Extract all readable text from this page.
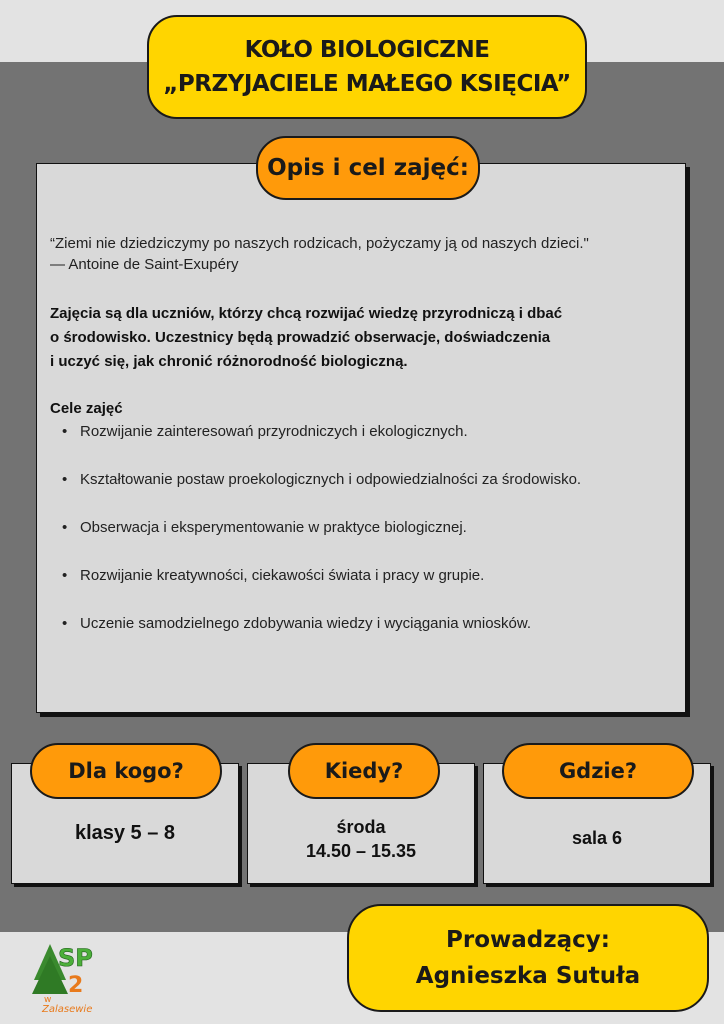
KOŁO BIOLOGICZNE
„PRZYJACIELE MAŁEGO KSIĘCIA”
Opis i cel zajęć:
“Ziemi nie dziedziczymy po naszych rodzicach, pożyczamy ją od naszych dzieci."
— Antoine de Saint-Exupéry
Zajęcia są dla uczniów, którzy chcą rozwijać wiedzę przyrodniczą i dbać
o środowisko. Uczestnicy będą prowadzić obserwacje, doświadczenia
i uczyć się, jak chronić różnorodność biologiczną.
Cele zajęć
• Rozwijanie zainteresowań przyrodniczych i ekologicznych.
• Kształtowanie postaw proekologicznych i odpowiedzialności za środowisko.
• Obserwacja i eksperymentowanie w praktyce biologicznej.
• Rozwijanie kreatywności, ciekawości świata i pracy w grupie.
• Uczenie samodzielnego zdobywania wiedzy i wyciągania wniosków.
klasy 5 – 8	środa
14.50 – 15.35
sala 6
Dla kogo?	Kiedy?	Gdzie?
Prowadzący:
Agnieszka Sutuła
SP
2
w
Zalasewie
